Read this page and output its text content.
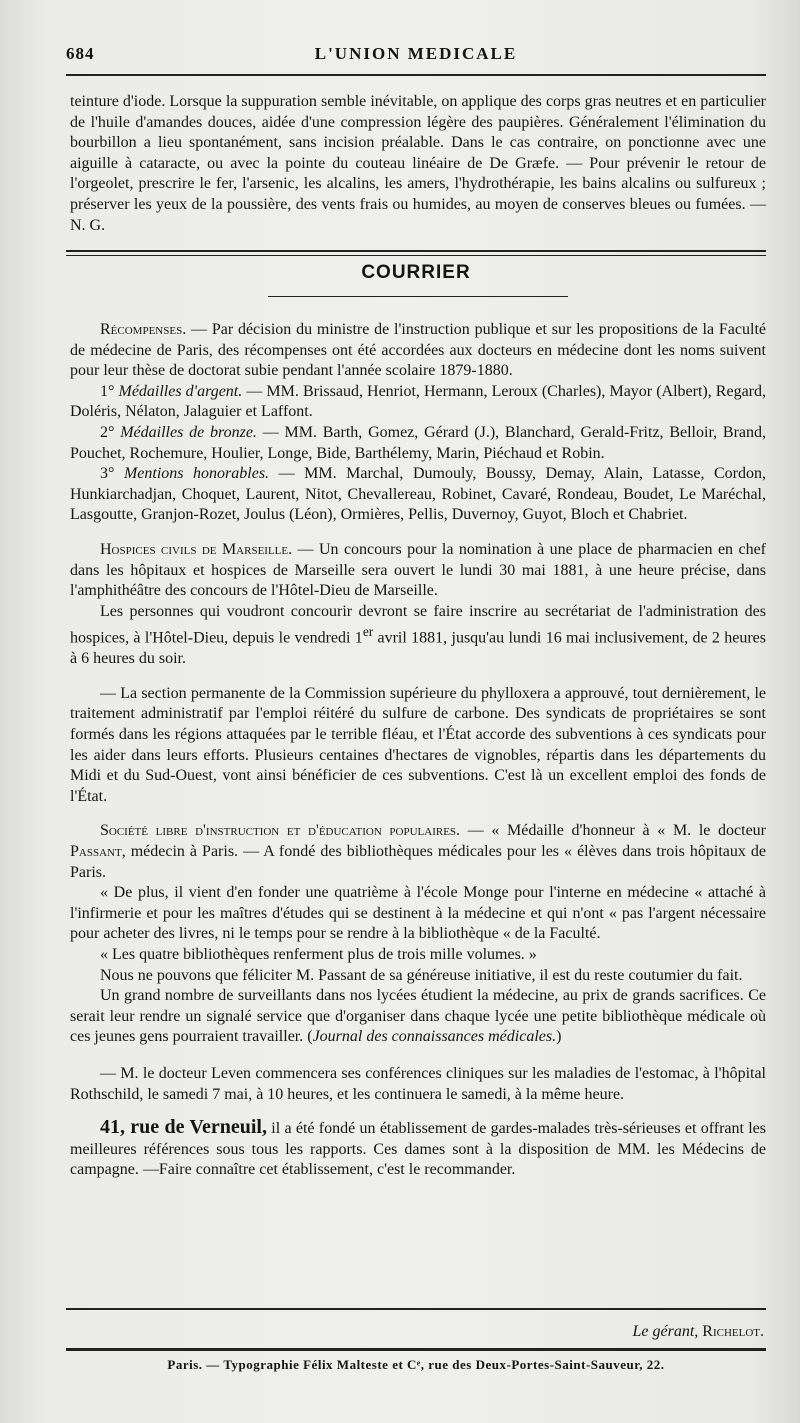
684	L'UNION MEDICALE

teinture d'iode. Lorsque la suppuration semble inévitable, on applique des corps gras neutres et en particulier de l'huile d'amandes douces, aidée d'une compression légère des paupières. Généralement l'élimination du bourbillon a lieu spontanément, sans incision préalable. Dans le cas contraire, on ponctionne avec une aiguille à cataracte, ou avec la pointe du couteau linéaire de De Græfe. — Pour prévenir le retour de l'orgeolet, prescrire le fer, l'arsenic, les alcalins, les amers, l'hydrothérapie, les bains alcalins ou sulfureux ; préserver les yeux de la poussière, des vents frais ou humides, au moyen de conserves bleues ou fumées. — N. G.

COURRIER

Récompenses. — Par décision du ministre de l'instruction publique et sur les propositions de la Faculté de médecine de Paris, des récompenses ont été accordées aux docteurs en médecine dont les noms suivent pour leur thèse de doctorat subie pendant l'année scolaire 1879-1880.

1° Médailles d'argent. — MM. Brissaud, Henriot, Hermann, Leroux (Charles), Mayor (Albert), Regard, Doléris, Nélaton, Jalaguier et Laffont.

2° Médailles de bronze. — MM. Barth, Gomez, Gérard (J.), Blanchard, Gerald-Fritz, Belloir, Brand, Pouchet, Rochemure, Houlier, Longe, Bide, Barthélemy, Marin, Piéchaud et Robin.

3° Mentions honorables. — MM. Marchal, Dumouly, Boussy, Demay, Alain, Latasse, Cordon, Hunkiarchadjan, Choquet, Laurent, Nitot, Chevallereau, Robinet, Cavaré, Rondeau, Boudet, Le Maréchal, Lasgoutte, Granjon-Rozet, Joulus (Léon), Ormières, Pellis, Duvernoy, Guyot, Bloch et Chabriet.

Hospices civils de Marseille. — Un concours pour la nomination à une place de pharmacien en chef dans les hôpitaux et hospices de Marseille sera ouvert le lundi 30 mai 1881, à une heure précise, dans l'amphithéâtre des concours de l'Hôtel-Dieu de Marseille.

Les personnes qui voudront concourir devront se faire inscrire au secrétariat de l'administration des hospices, à l'Hôtel-Dieu, depuis le vendredi 1er avril 1881, jusqu'au lundi 16 mai inclusivement, de 2 heures à 6 heures du soir.

— La section permanente de la Commission supérieure du phylloxera a approuvé, tout dernièrement, le traitement administratif par l'emploi réitéré du sulfure de carbone. Des syndicats de propriétaires se sont formés dans les régions attaquées par le terrible fléau, et l'État accorde des subventions à ces syndicats pour les aider dans leurs efforts. Plusieurs centaines d'hectares de vignobles, répartis dans les départements du Midi et du Sud-Ouest, vont ainsi bénéficier de ces subventions. C'est là un excellent emploi des fonds de l'État.

Société libre d'instruction et d'éducation populaires. — « Médaille d'honneur à « M. le docteur Passant, médecin à Paris. — A fondé des bibliothèques médicales pour les « élèves dans trois hôpitaux de Paris.

« De plus, il vient d'en fonder une quatrième à l'école Monge pour l'interne en médecine « attaché à l'infirmerie et pour les maîtres d'études qui se destinent à la médecine et qui n'ont « pas l'argent nécessaire pour acheter des livres, ni le temps pour se rendre à la bibliothèque « de la Faculté.

« Les quatre bibliothèques renferment plus de trois mille volumes. »

Nous ne pouvons que féliciter M. Passant de sa généreuse initiative, il est du reste coutumier du fait.

Un grand nombre de surveillants dans nos lycées étudient la médecine, au prix de grands sacrifices. Ce serait leur rendre un signalé service que d'organiser dans chaque lycée une petite bibliothèque médicale où ces jeunes gens pourraient travailler. (Journal des connaissances médicales.)

— M. le docteur Leven commencera ses conférences cliniques sur les maladies de l'estomac, à l'hôpital Rothschild, le samedi 7 mai, à 10 heures, et les continuera le samedi, à la même heure.

41, rue de Verneuil, il a été fondé un établissement de gardes-malades très-sérieuses et offrant les meilleures références sous tous les rapports. Ces dames sont à la disposition de MM. les Médecins de campagne. —Faire connaître cet établissement, c'est le recommander.

Le gérant, Richelot.
Paris. — Typographie Félix Malteste et Cᵉ, rue des Deux-Portes-Saint-Sauveur, 22.
